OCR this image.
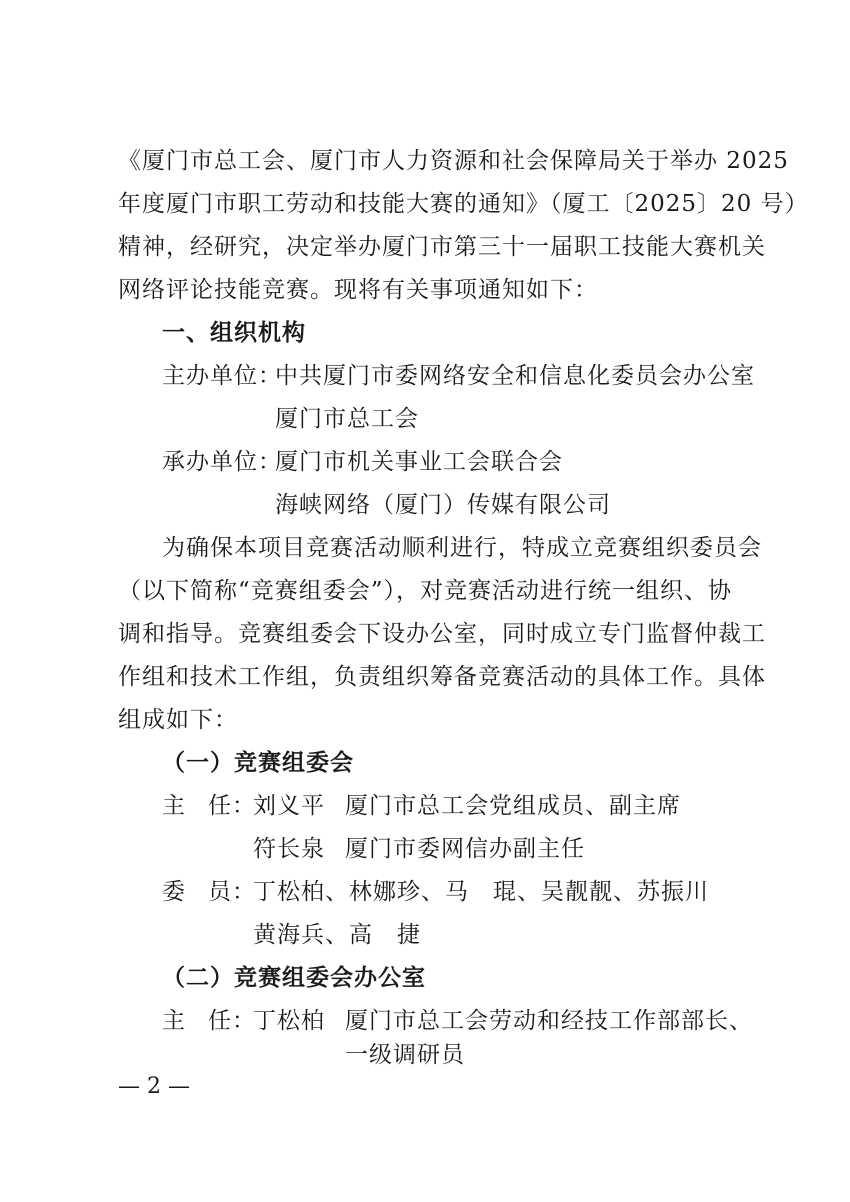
《厦门市总工会、厦门市人力资源和社会保障局关于举办 2025
年度厦门市职工劳动和技能大赛的通知》（厦工〔2025〕20 号）
精神，经研究，决定举办厦门市第三十一届职工技能大赛机关
网络评论技能竞赛。现将有关事项通知如下：
一、组织机构
主办单位：
中共厦门市委网络安全和信息化委员会办公室
厦门市总工会
承办单位：
厦门市机关事业工会联合会
海峡网络（厦门）传媒有限公司
为确保本项目竞赛活动顺利进行，特成立竞赛组织委员会
（以下简称“竞赛组委会”），对竞赛活动进行统一组织、协
调和指导。竞赛组委会下设办公室，同时成立专门监督仲裁工
作组和技术工作组，负责组织筹备竞赛活动的具体工作。具体
组成如下：
（一）竞赛组委会
主 任：
刘义平 厦门市总工会党组成员、副主席
符长泉 厦门市委网信办副主任
委 员：
丁松柏、林娜珍、马　琨、吴靓靓、苏振川
黄海兵、高　捷
（二）竞赛组委会办公室
主 任：
丁松柏 厦门市总工会劳动和经技工作部部长、
一级调研员
— 2 —
